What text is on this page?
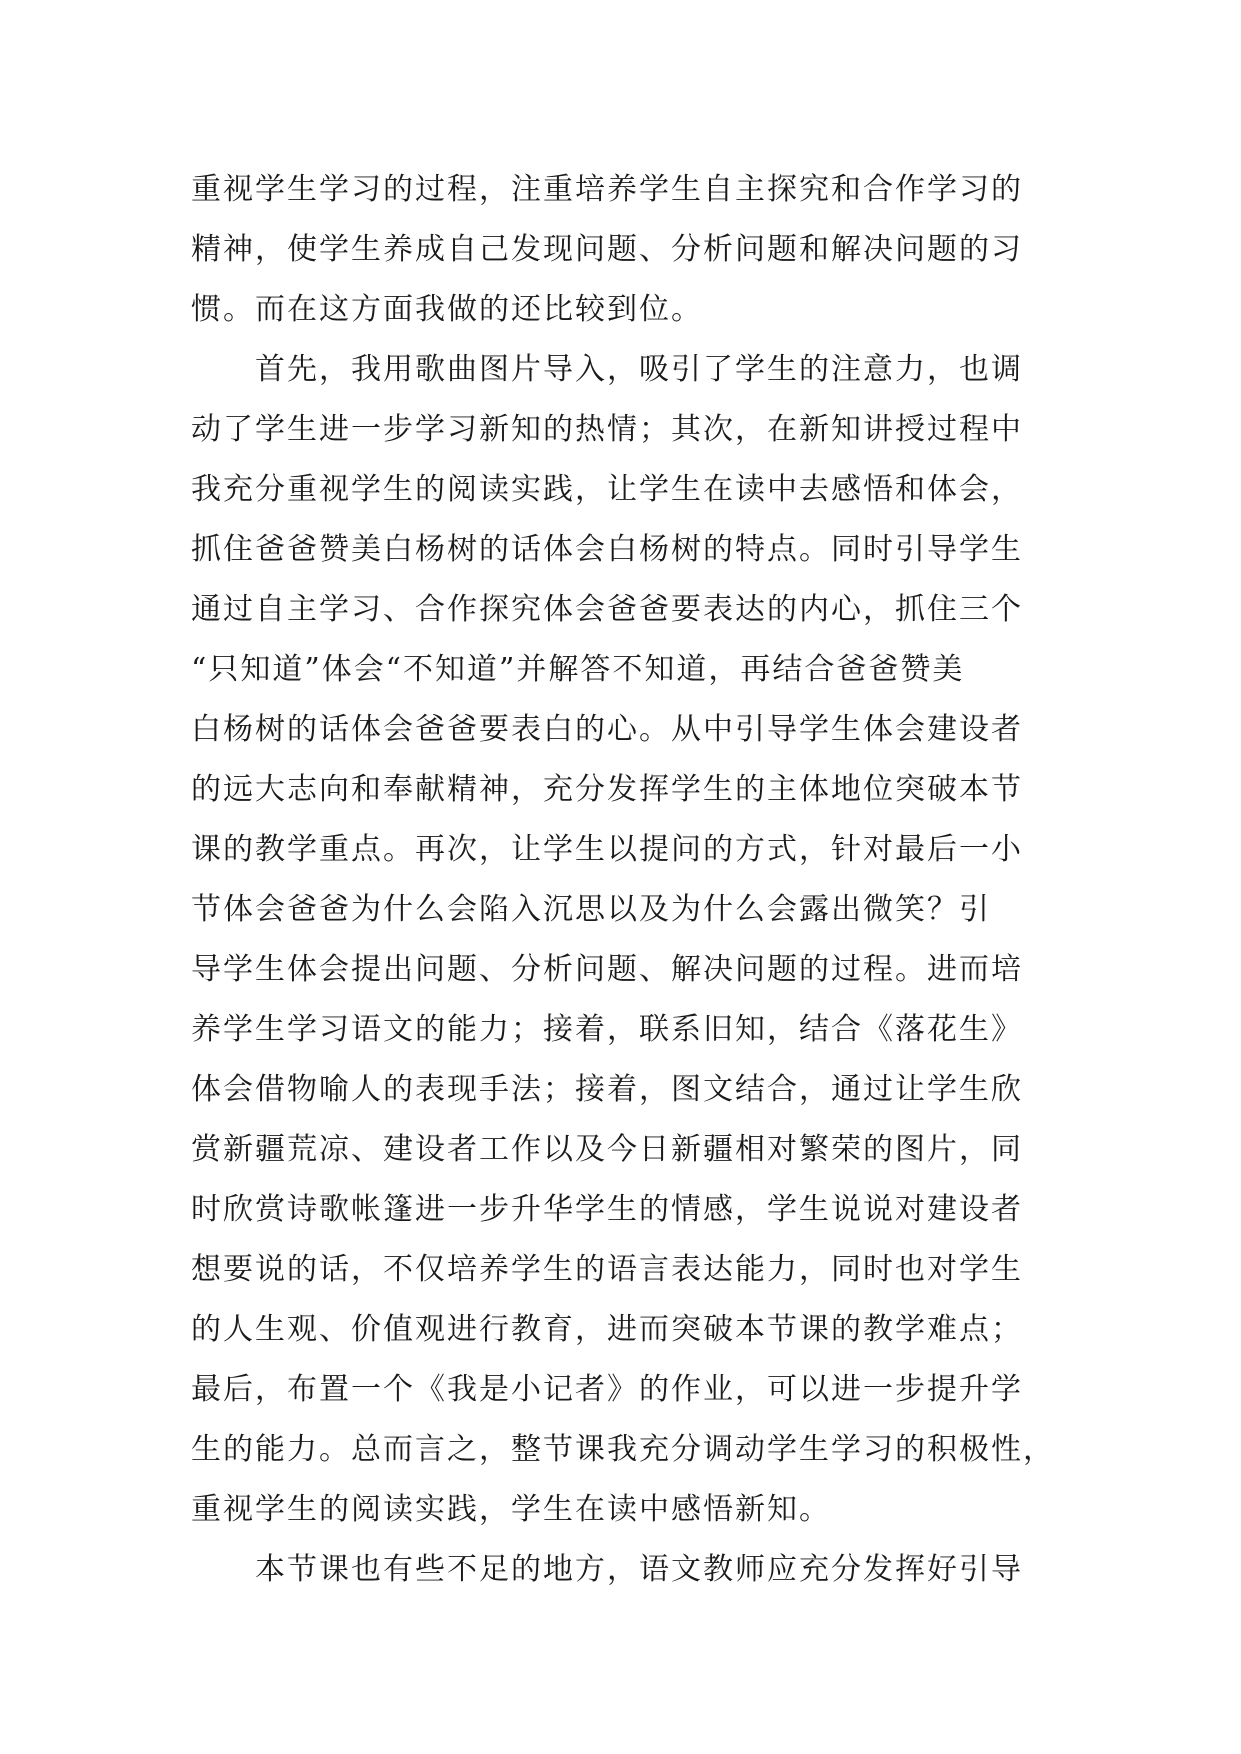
重视学生学习的过程，注重培养学生自主探究和合作学习的
精神，使学生养成自己发现问题、分析问题和解决问题的习
惯。而在这方面我做的还比较到位。
　　首先，我用歌曲图片导入，吸引了学生的注意力，也调
动了学生进一步学习新知的热情；其次，在新知讲授过程中
我充分重视学生的阅读实践，让学生在读中去感悟和体会，
抓住爸爸赞美白杨树的话体会白杨树的特点。同时引导学生
通过自主学习、合作探究体会爸爸要表达的内心，抓住三个
“只知道”体会“不知道”并解答不知道，再结合爸爸赞美
白杨树的话体会爸爸要表白的心。从中引导学生体会建设者
的远大志向和奉献精神，充分发挥学生的主体地位突破本节
课的教学重点。再次，让学生以提问的方式，针对最后一小
节体会爸爸为什么会陷入沉思以及为什么会露出微笑？引
导学生体会提出问题、分析问题、解决问题的过程。进而培
养学生学习语文的能力；接着，联系旧知，结合《落花生》
体会借物喻人的表现手法；接着，图文结合，通过让学生欣
赏新疆荒凉、建设者工作以及今日新疆相对繁荣的图片，同
时欣赏诗歌帐篷进一步升华学生的情感，学生说说对建设者
想要说的话，不仅培养学生的语言表达能力，同时也对学生
的人生观、价值观进行教育，进而突破本节课的教学难点；
最后，布置一个《我是小记者》的作业，可以进一步提升学
生的能力。总而言之，整节课我充分调动学生学习的积极性，
重视学生的阅读实践，学生在读中感悟新知。
　　本节课也有些不足的地方，语文教师应充分发挥好引导
